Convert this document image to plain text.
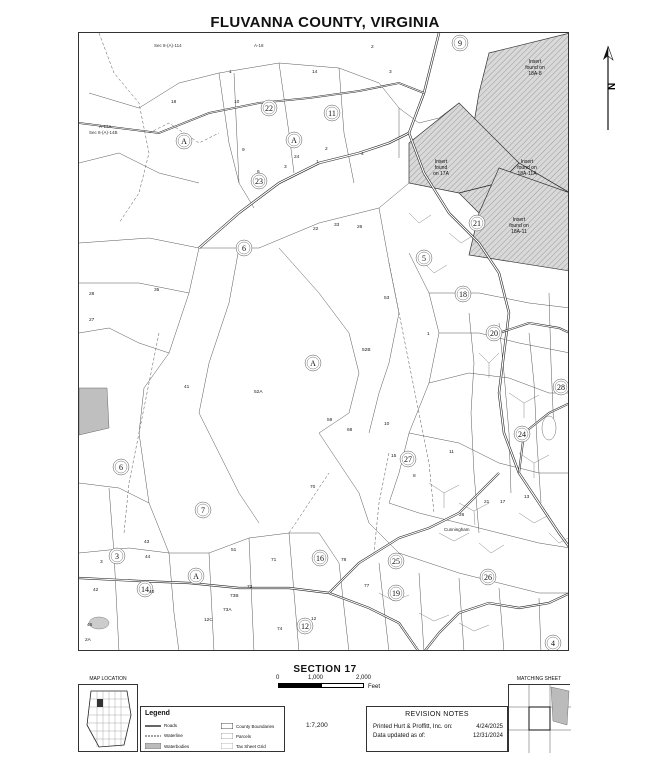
FLUVANNA COUNTY, VIRGINIA
22
A
11
A
23
6
5
18
20
A
28
24
27
6
7
3
14
A
16	25
26
19
12
4
9
21
14
2
3
1
18	10
9
6
3
24
1
2
4
22
33	26
35
27
28
53
1
52B
41
52A
59
68
70
15
3
44
43
51
71
74
78
77
72
42	40
46
2A
12C
73A
73B
12
10
8
11
26
21 17
13
Insert
found on
18A-8
Insert
found
on 17A
Insert
found on
18A-11A
Insert
found on
18A-11
Sec 8-(A)-114	A-18
A-14A
Sec 8-(A)-14B
Cunningham
N
SECTION 17
0	1,000	2,000
Feet
MAP LOCATION
Legend
Roads
Waterline
Waterbodies
County Boundaries
Parcels
Tax Sheet Grid
1:7,200
REVISION NOTES
Printed Hurt & Proffitt, Inc. on:	4/24/2025
Data updated as of:	12/31/2024
MATCHING SHEET
